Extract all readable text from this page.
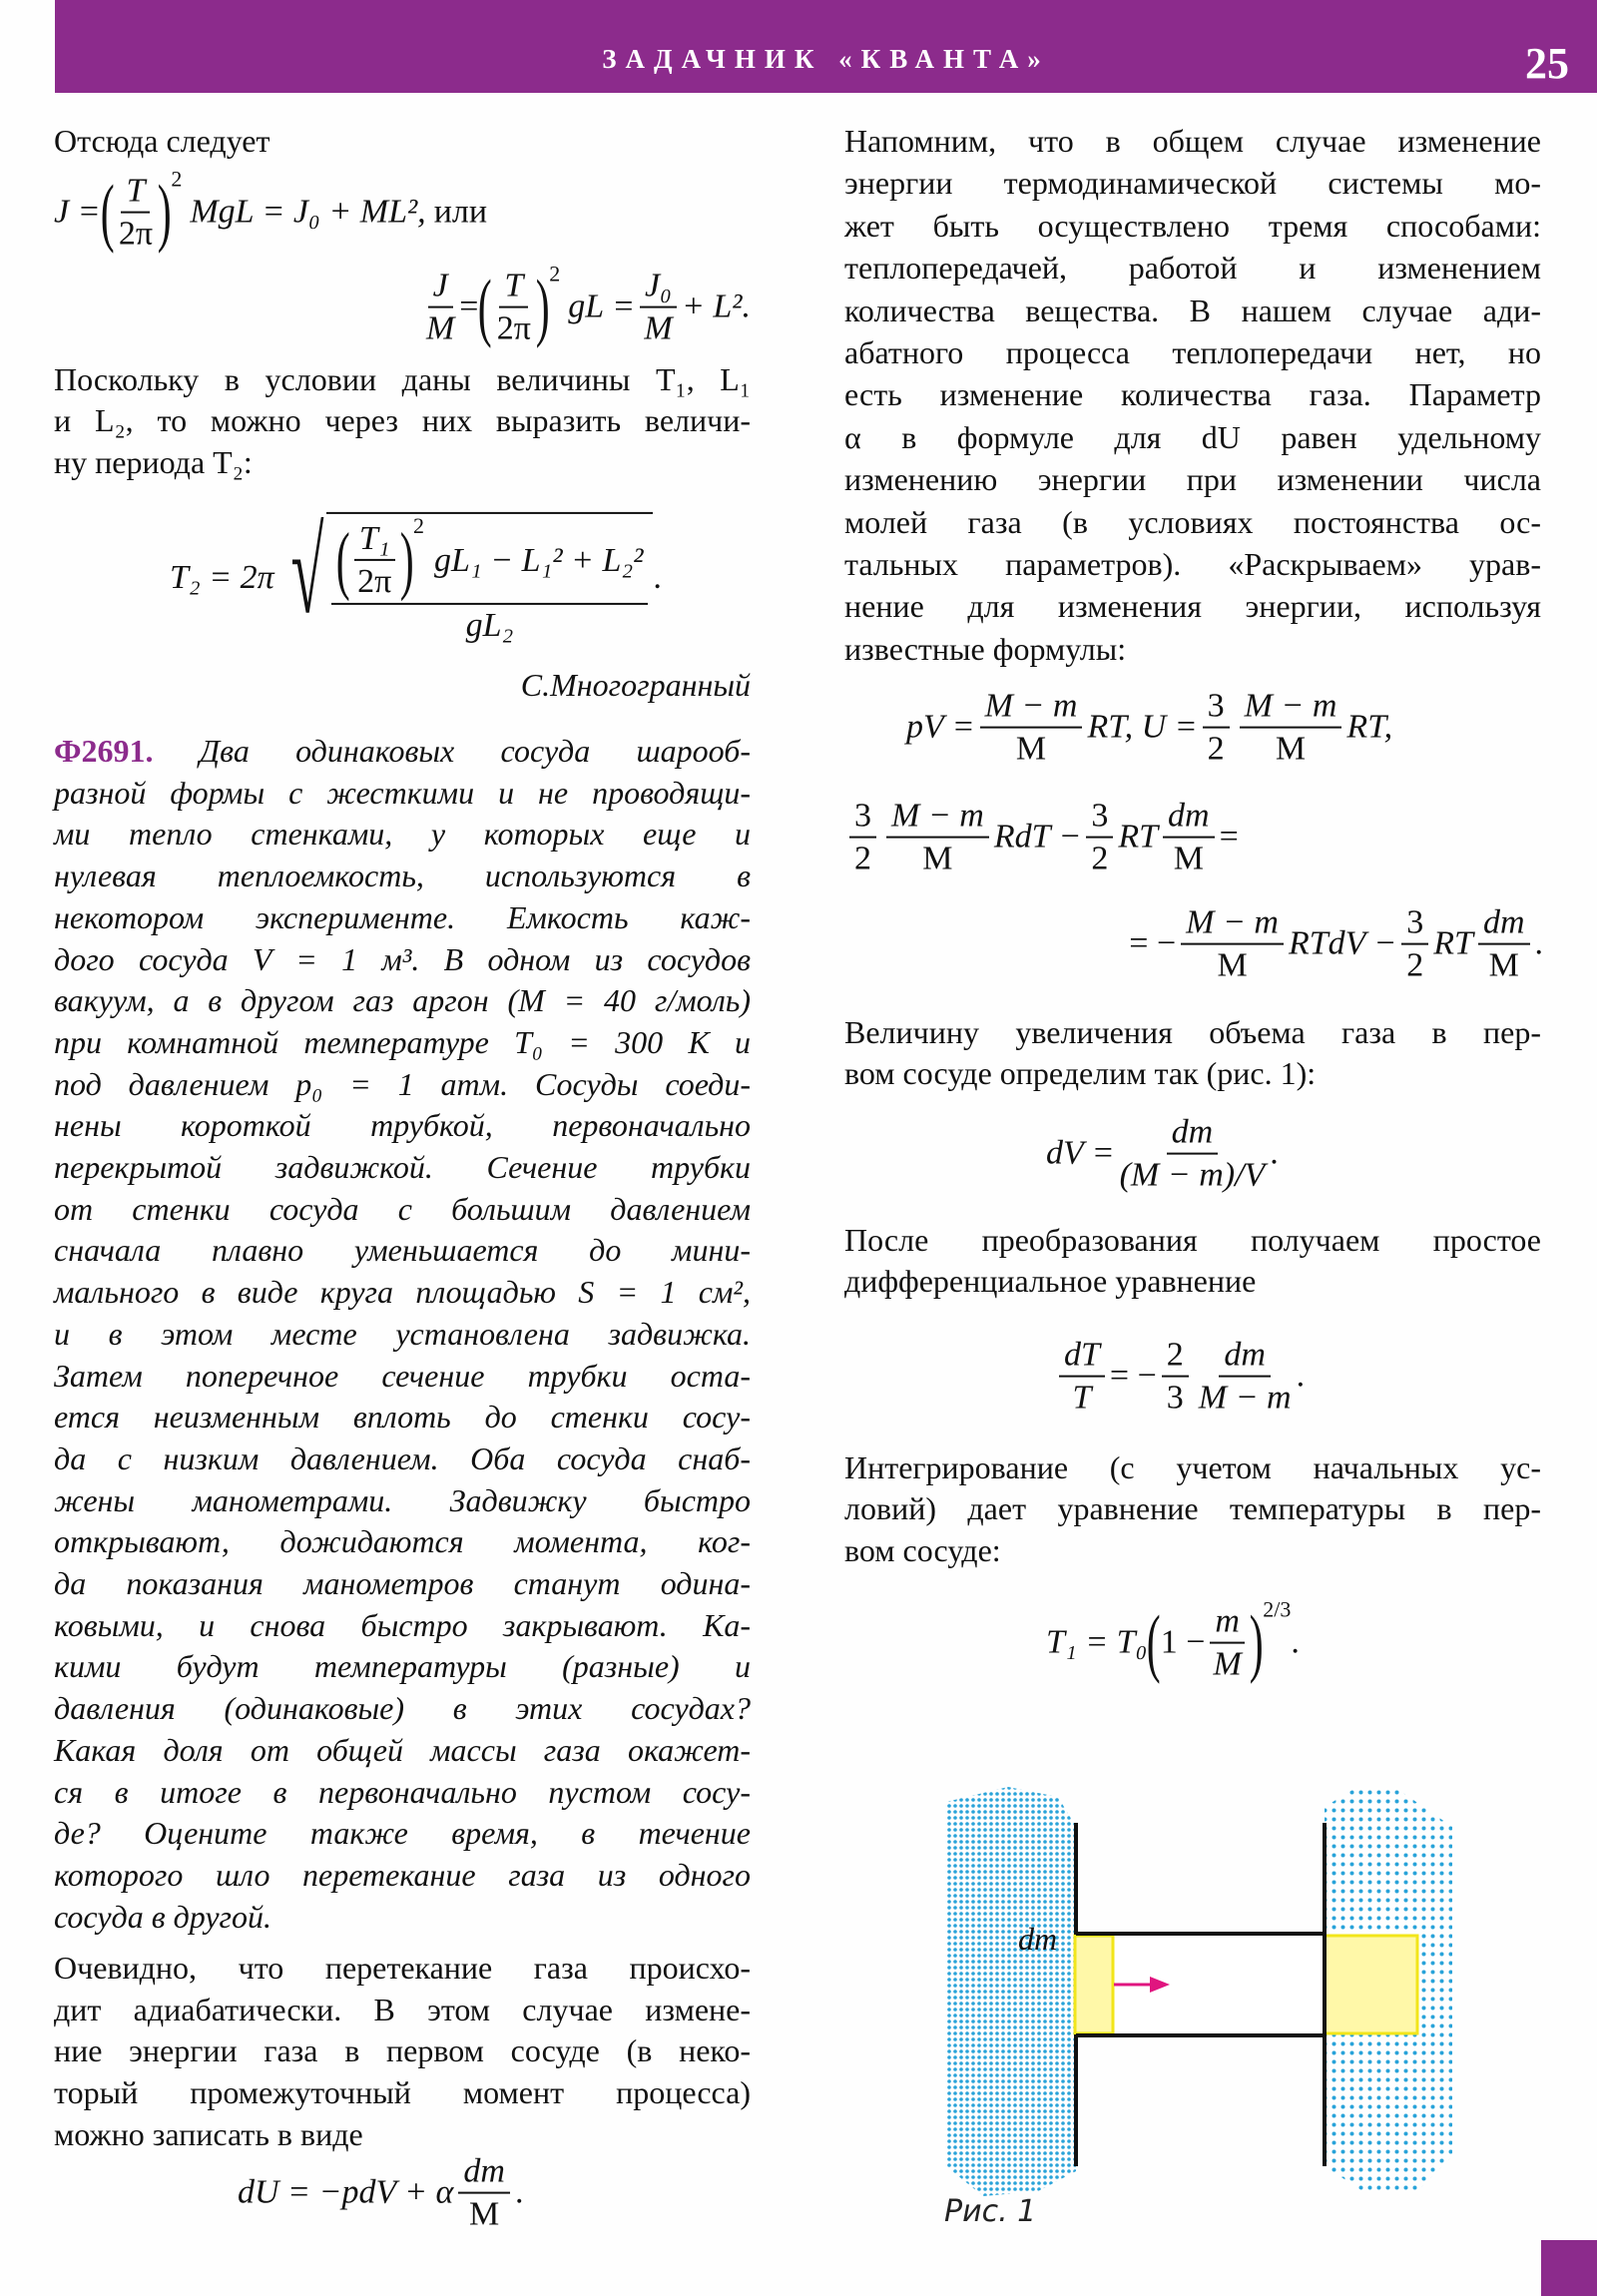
ЗАДАЧНИК «КВАНТА»	25
Отсюда следует
J = ( T
2π ) 2
MgL = J₀ + ML², или
$\frac{J}{M}$ = ( T
2π ) 2
gL = $\frac{\text{J₀}}{M} + L^2$.
Поскольку в условии даны величины T₁, L₁
и L₂, то можно через них выразить величи-
ну периода T₂:
T₂ = 2π √ ( T₁
2π ) 2
gL₁ − L₁² + L₂²
gL₂ .
С.Многогранный
dU = −pdV + α
dm
M
.
pV = $\frac{M - m}{M}$ RT, $U = \frac{3}{2}$ M − m
M
RT,
3
2
M − m
M
RdT − $\frac{3}{2}$ RT $\frac{dm}{M}$ =
= − $\frac{M - m}{M}$ RTdV − $\frac{3}{2}$ RT
dm
M
.
Величину увеличения объема газа в пер-
вом сосуде определим так (рис. 1):
dV = $\frac{dm}{(M - m)/V}$ .
После преобразования получаем простое
дифференциальное уравнение
$\frac{dT}{T}$ = − $\frac{2}{3}$ dm
M − m
.
Интегрирование (с учетом начальных ус-
ловий) дает уравнение температуры в пер-
вом сосуде:
T₁ = T₀ ( $1 - \frac{m}{M}$ ) 2/3
.
dm
Рис. 1
Ф2691. Два одинаковых сосуда шарооб-
разной формы с жесткими и не проводящи-
ми тепло стенками, у которых еще и
нулевая теплоемкость, используются в
некотором эксперименте. Емкость каж-
дого сосуда V = 1 м³. В одном из сосудов
вакуум, а в другом газ аргон (M = 40 г/моль)
при комнатной температуре T₀ = 300 К и
под давлением p₀ = 1 атм. Сосуды соеди-
нены короткой трубкой, первоначально
перекрытой задвижкой. Сечение трубки
от стенки сосуда с большим давлением
сначала плавно уменьшается до мини-
мального в виде круга площадью S = 1 см²,
и в этом месте установлена задвижка.
Затем поперечное сечение трубки оста-
ется неизменным вплоть до стенки сосу-
да с низким давлением. Оба сосуда снаб-
жены манометрами. Задвижку быстро
открывают, дожидаются момента, ког-
да показания манометров станут одина-
ковыми, и снова быстро закрывают. Ка-
кими будут температуры (разные) и
давления (одинаковые) в этих сосудах?
Какая доля от общей массы газа окажет-
ся в итоге в первоначально пустом сосу-
де? Оцените также время, в течение
которого шло перетекание газа из одного
сосуда в другой.
Очевидно, что перетекание газа происхо-
дит адиабатически. В этом случае измене-
ние энергии газа в первом сосуде (в неко-
торый промежуточный момент процесса)
можно записать в виде
Напомним, что в общем случае изменение
энергии термодинамической системы мо-
жет быть осуществлено тремя способами:
теплопередачей, работой и изменением
количества вещества. В нашем случае ади-
абатного процесса теплопередачи нет, но
есть изменение количества газа. Параметр
α в формуле для dU равен удельному
изменению энергии при изменении числа
молей газа (в условиях постоянства ос-
тальных параметров). «Раскрываем» урав-
нение для изменения энергии, используя
известные формулы:
